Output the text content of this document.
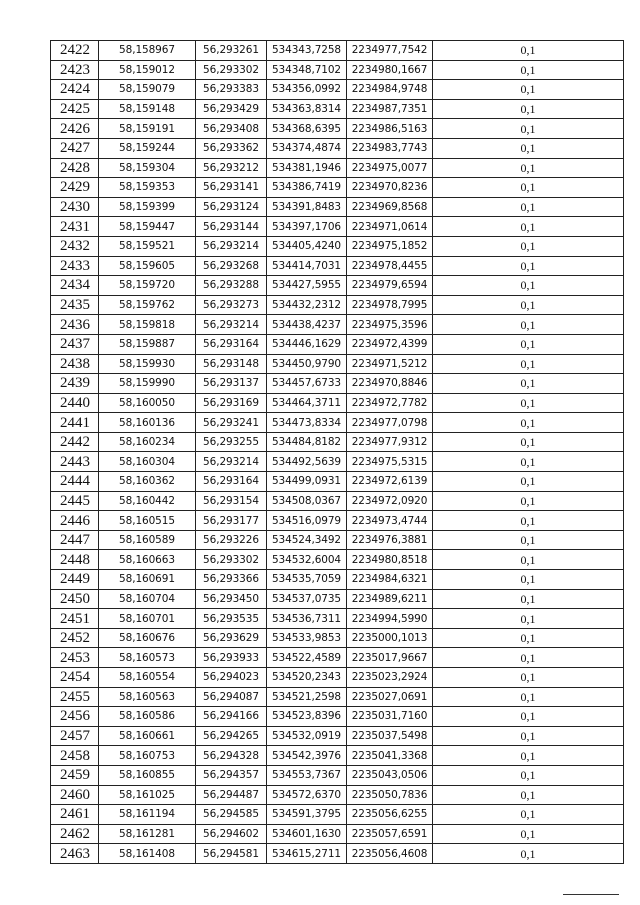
2422	58,158967	56,293261	534343,7258	2234977,7542	0,1
2423	58,159012	56,293302	534348,7102	2234980,1667	0,1
2424	58,159079	56,293383	534356,0992	2234984,9748	0,1
2425	58,159148	56,293429	534363,8314	2234987,7351	0,1
2426	58,159191	56,293408	534368,6395	2234986,5163	0,1
2427	58,159244	56,293362	534374,4874	2234983,7743	0,1
2428	58,159304	56,293212	534381,1946	2234975,0077	0,1
2429	58,159353	56,293141	534386,7419	2234970,8236	0,1
2430	58,159399	56,293124	534391,8483	2234969,8568	0,1
2431	58,159447	56,293144	534397,1706	2234971,0614	0,1
2432	58,159521	56,293214	534405,4240	2234975,1852	0,1
2433	58,159605	56,293268	534414,7031	2234978,4455	0,1
2434	58,159720	56,293288	534427,5955	2234979,6594	0,1
2435	58,159762	56,293273	534432,2312	2234978,7995	0,1
2436	58,159818	56,293214	534438,4237	2234975,3596	0,1
2437	58,159887	56,293164	534446,1629	2234972,4399	0,1
2438	58,159930	56,293148	534450,9790	2234971,5212	0,1
2439	58,159990	56,293137	534457,6733	2234970,8846	0,1
2440	58,160050	56,293169	534464,3711	2234972,7782	0,1
2441	58,160136	56,293241	534473,8334	2234977,0798	0,1
2442	58,160234	56,293255	534484,8182	2234977,9312	0,1
2443	58,160304	56,293214	534492,5639	2234975,5315	0,1
2444	58,160362	56,293164	534499,0931	2234972,6139	0,1
2445	58,160442	56,293154	534508,0367	2234972,0920	0,1
2446	58,160515	56,293177	534516,0979	2234973,4744	0,1
2447	58,160589	56,293226	534524,3492	2234976,3881	0,1
2448	58,160663	56,293302	534532,6004	2234980,8518	0,1
2449	58,160691	56,293366	534535,7059	2234984,6321	0,1
2450	58,160704	56,293450	534537,0735	2234989,6211	0,1
2451	58,160701	56,293535	534536,7311	2234994,5990	0,1
2452	58,160676	56,293629	534533,9853	2235000,1013	0,1
2453	58,160573	56,293933	534522,4589	2235017,9667	0,1
2454	58,160554	56,294023	534520,2343	2235023,2924	0,1
2455	58,160563	56,294087	534521,2598	2235027,0691	0,1
2456	58,160586	56,294166	534523,8396	2235031,7160	0,1
2457	58,160661	56,294265	534532,0919	2235037,5498	0,1
2458	58,160753	56,294328	534542,3976	2235041,3368	0,1
2459	58,160855	56,294357	534553,7367	2235043,0506	0,1
2460	58,161025	56,294487	534572,6370	2235050,7836	0,1
2461	58,161194	56,294585	534591,3795	2235056,6255	0,1
2462	58,161281	56,294602	534601,1630	2235057,6591	0,1
2463	58,161408	56,294581	534615,2711	2235056,4608	0,1
